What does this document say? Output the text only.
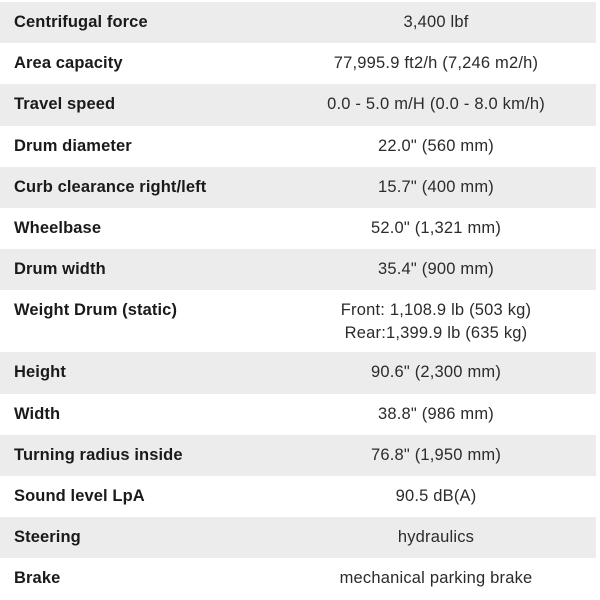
Centrifugal force	3,400 lbf
Area capacity	77,995.9 ft2/h (7,246 m2/h)
Travel speed	0.0 - 5.0 m/H (0.0 - 8.0 km/h)
Drum diameter	22.0" (560 mm)
Curb clearance right/left	15.7" (400 mm)
Wheelbase	52.0" (1,321 mm)
Drum width	35.4" (900 mm)
Weight Drum (static)	Front: 1,108.9 lb (503 kg)
Rear:1,399.9 lb (635 kg)

Height	90.6" (2,300 mm)
Width	38.8" (986 mm)
Turning radius inside	76.8" (1,950 mm)
Sound level LpA	90.5 dB(A)
Steering	hydraulics
Brake	mechanical parking brake
